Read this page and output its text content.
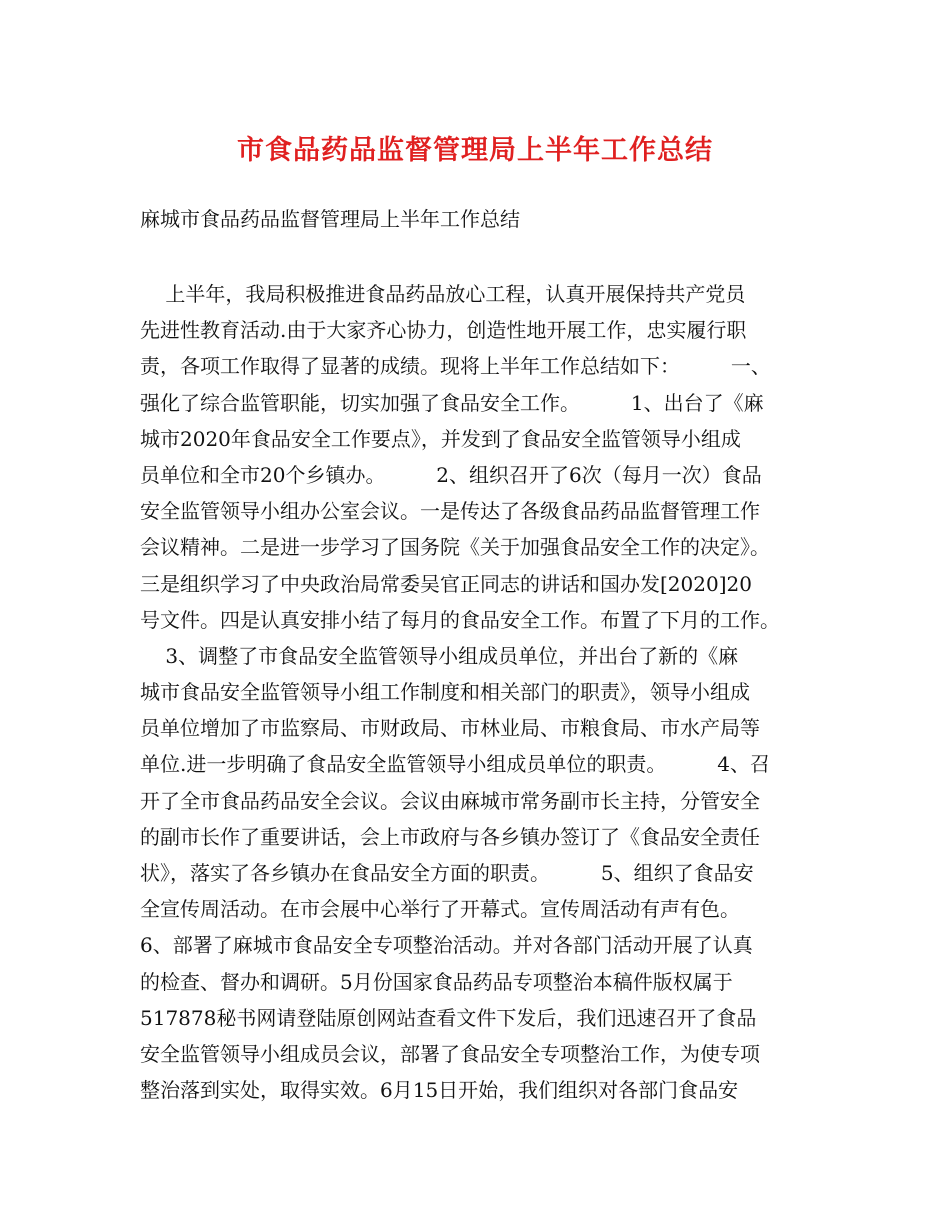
市食品药品监督管理局上半年工作总结

麻城市食品药品监督管理局上半年工作总结

上半年，我局积极推进食品药品放心工程，认真开展保持共产党员
先进性教育活动.由于大家齐心协力，创造性地开展工作，忠实履行职
责，各项工作取得了显著的成绩。现将上半年工作总结如下：        一、
强化了综合监管职能，切实加强了食品安全工作。        1、出台了《麻
城市2020年食品安全工作要点》，并发到了食品安全监管领导小组成
员单位和全市20个乡镇办。        2、组织召开了6次（每月一次）食品
安全监管领导小组办公室会议。一是传达了各级食品药品监督管理工作
会议精神。二是进一步学习了国务院《关于加强食品安全工作的决定》。
三是组织学习了中央政治局常委吴官正同志的讲话和国办发[2020]20
号文件。四是认真安排小结了每月的食品安全工作。布置了下月的工作。
3、调整了市食品安全监管领导小组成员单位，并出台了新的《麻
城市食品安全监管领导小组工作制度和相关部门的职责》，领导小组成
员单位增加了市监察局、市财政局、市林业局、市粮食局、市水产局等
单位.进一步明确了食品安全监管领导小组成员单位的职责。        4、召
开了全市食品药品安全会议。会议由麻城市常务副市长主持，分管安全
的副市长作了重要讲话，会上市政府与各乡镇办签订了《食品安全责任
状》，落实了各乡镇办在食品安全方面的职责。        5、组织了食品安
全宣传周活动。在市会展中心举行了开幕式。宣传周活动有声有色。
6、部署了麻城市食品安全专项整治活动。并对各部门活动开展了认真
的检查、督办和调研。5月份国家食品药品专项整治本稿件版权属于
517878秘书网请登陆原创网站查看文件下发后，我们迅速召开了食品
安全监管领导小组成员会议，部署了食品安全专项整治工作，为使专项
整治落到实处，取得实效。6月15日开始，我们组织对各部门食品安
